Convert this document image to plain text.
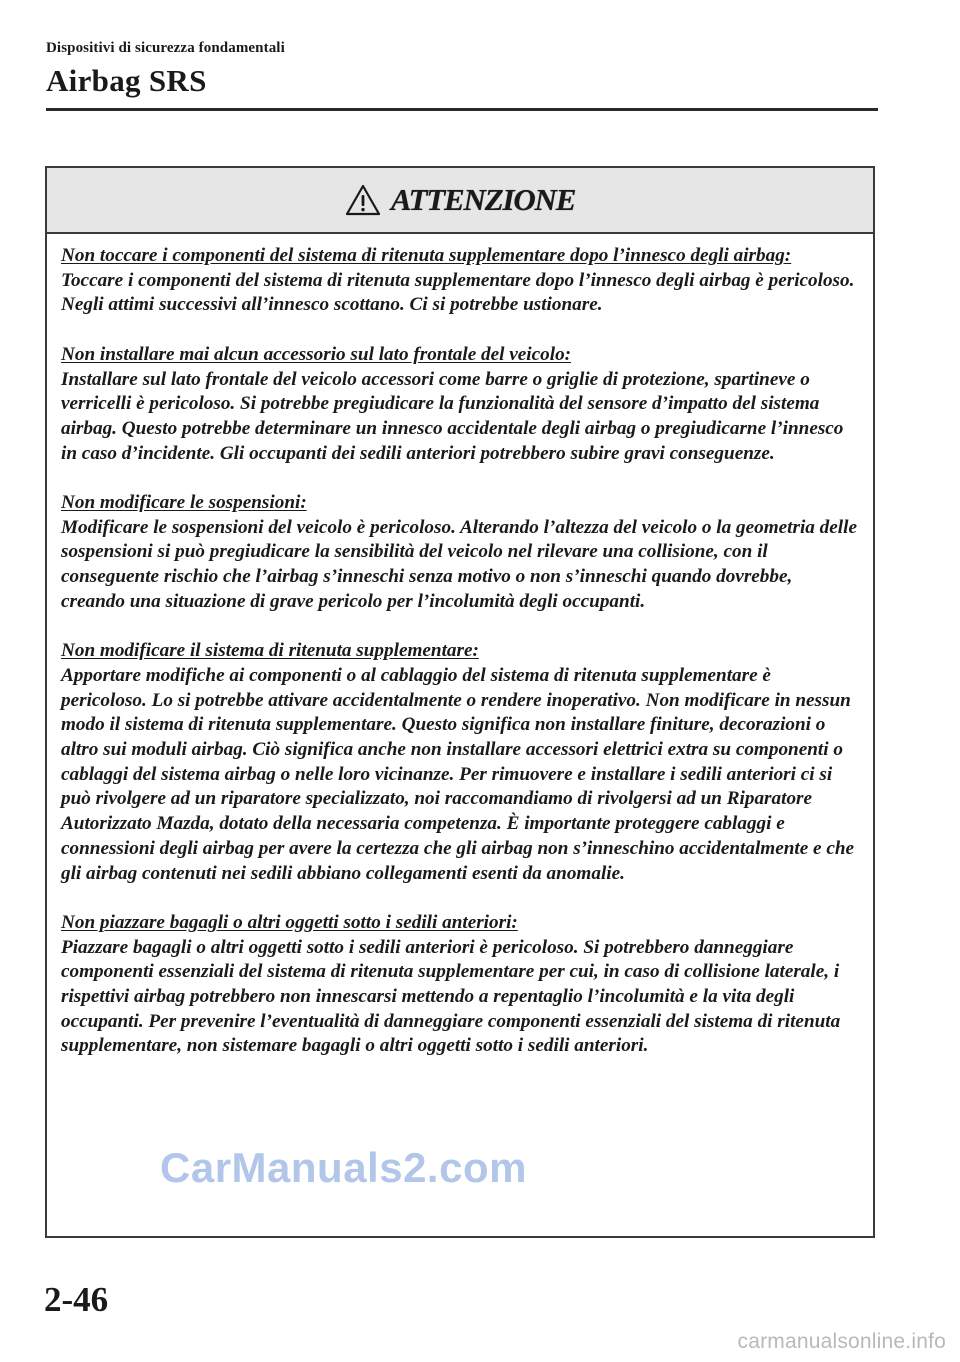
Dispositivi di sicurezza fondamentali
Airbag SRS
ATTENZIONE
Non toccare i componenti del sistema di ritenuta supplementare dopo l’innesco degli airbag:
Toccare i componenti del sistema di ritenuta supplementare dopo l’innesco degli airbag è pericoloso. Negli attimi successivi all’innesco scottano. Ci si potrebbe ustionare.
Non installare mai alcun accessorio sul lato frontale del veicolo:
Installare sul lato frontale del veicolo accessori come barre o griglie di protezione, spartineve o verricelli è pericoloso. Si potrebbe pregiudicare la funzionalità del sensore d’impatto del sistema airbag. Questo potrebbe determinare un innesco accidentale degli airbag o pregiudicarne l’innesco in caso d’incidente. Gli occupanti dei sedili anteriori potrebbero subire gravi conseguenze.
Non modificare le sospensioni:
Modificare le sospensioni del veicolo è pericoloso. Alterando l’altezza del veicolo o la geometria delle sospensioni si può pregiudicare la sensibilità del veicolo nel rilevare una collisione, con il conseguente rischio che l’airbag s’inneschi senza motivo o non s’inneschi quando dovrebbe, creando una situazione di grave pericolo per l’incolumità degli occupanti.
Non modificare il sistema di ritenuta supplementare:
Apportare modifiche ai componenti o al cablaggio del sistema di ritenuta supplementare è pericoloso. Lo si potrebbe attivare accidentalmente o rendere inoperativo. Non modificare in nessun modo il sistema di ritenuta supplementare. Questo significa non installare finiture, decorazioni o altro sui moduli airbag. Ciò significa anche non installare accessori elettrici extra su componenti o cablaggi del sistema airbag o nelle loro vicinanze. Per rimuovere e installare i sedili anteriori ci si può rivolgere ad un riparatore specializzato, noi raccomandiamo di rivolgersi ad un Riparatore Autorizzato Mazda, dotato della necessaria competenza. È importante proteggere cablaggi e connessioni degli airbag per avere la certezza che gli airbag non s’inneschino accidentalmente e che gli airbag contenuti nei sedili abbiano collegamenti esenti da anomalie.
Non piazzare bagagli o altri oggetti sotto i sedili anteriori:
Piazzare bagagli o altri oggetti sotto i sedili anteriori è pericoloso. Si potrebbero danneggiare componenti essenziali del sistema di ritenuta supplementare per cui, in caso di collisione laterale, i rispettivi airbag potrebbero non innescarsi mettendo a repentaglio l’incolumità e la vita degli occupanti. Per prevenire l’eventualità di danneggiare componenti essenziali del sistema di ritenuta supplementare, non sistemare bagagli o altri oggetti sotto i sedili anteriori.
CarManuals2.com
2-46
carmanualsonline.info
